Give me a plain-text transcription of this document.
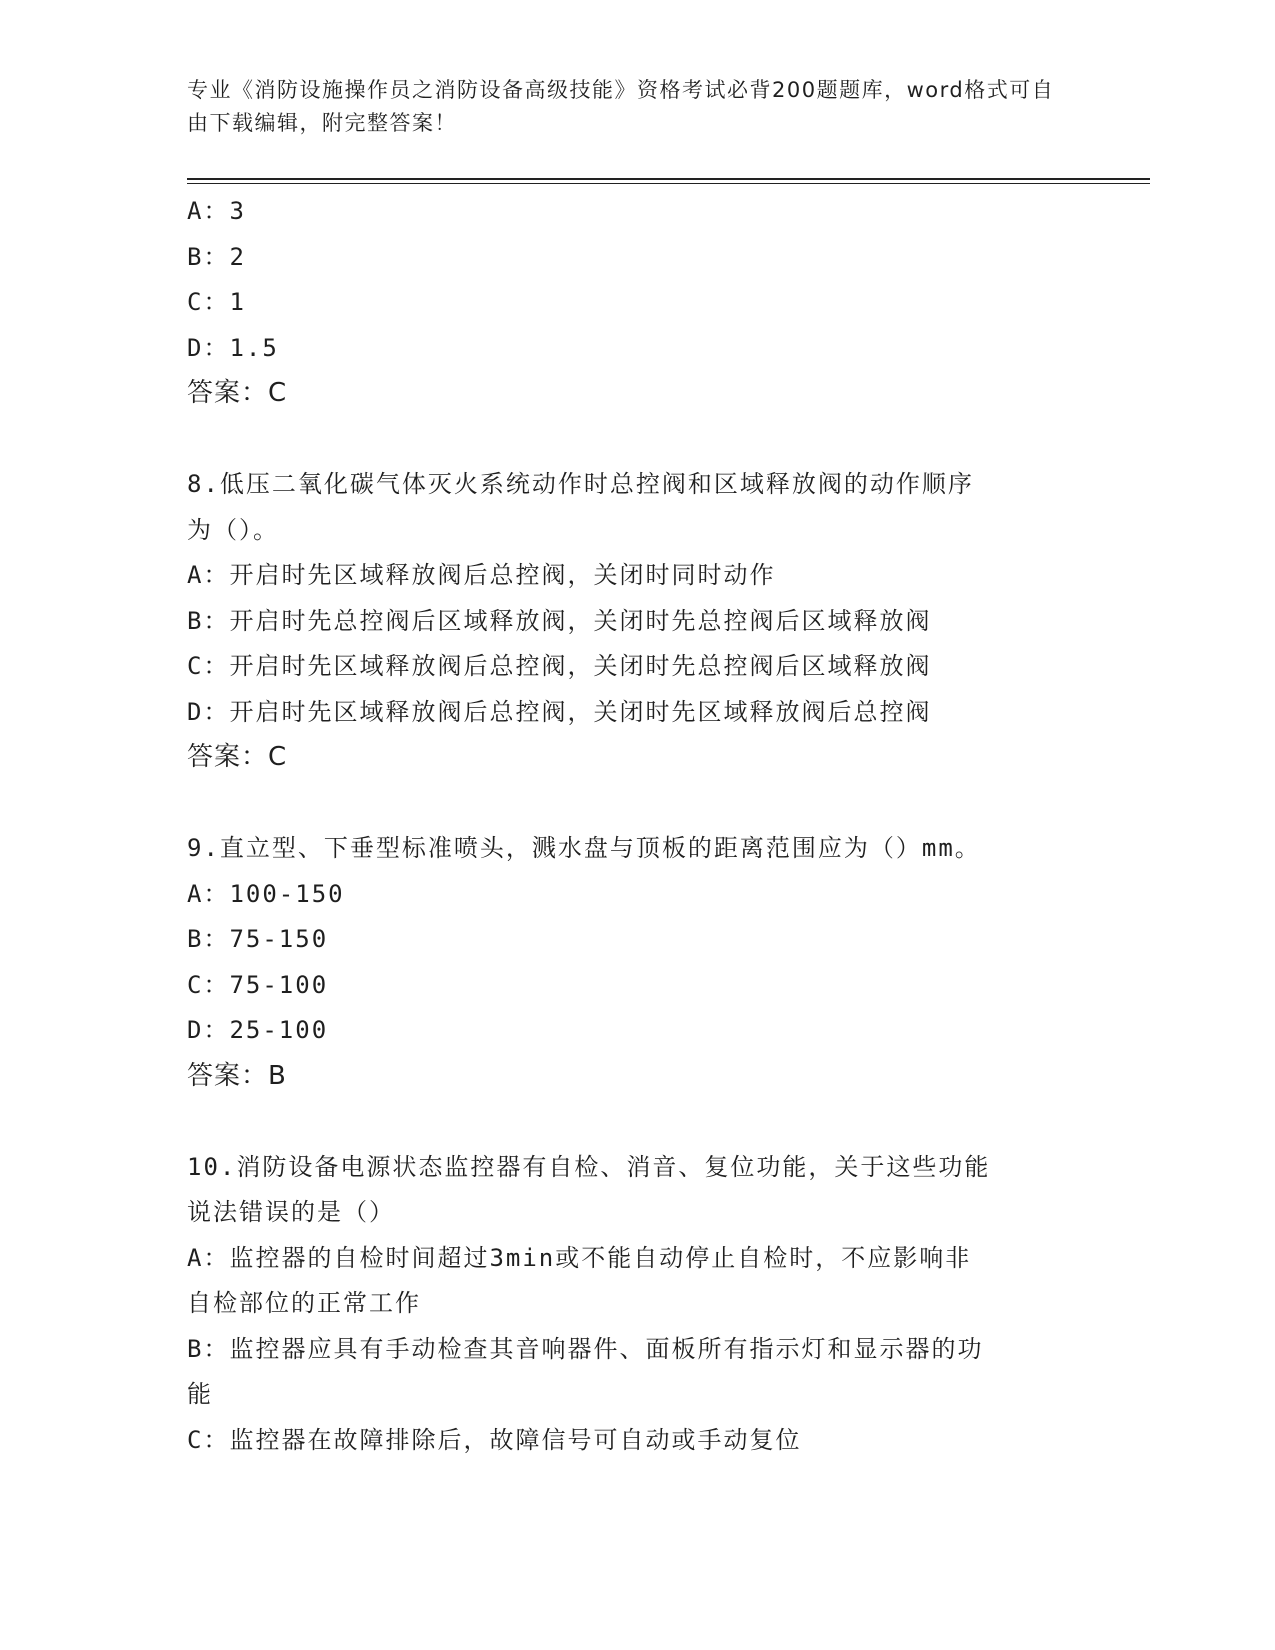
专业《消防设施操作员之消防设备高级技能》资格考试必背200题题库，word格式可自由下载编辑，附完整答案！
A：3
B：2
C：1
D：1.5
答案：C
8.低压二氧化碳气体灭火系统动作时总控阀和区域释放阀的动作顺序
为（）。
A：开启时先区域释放阀后总控阀，关闭时同时动作
B：开启时先总控阀后区域释放阀，关闭时先总控阀后区域释放阀
C：开启时先区域释放阀后总控阀，关闭时先总控阀后区域释放阀
D：开启时先区域释放阀后总控阀，关闭时先区域释放阀后总控阀
答案：C
9.直立型、下垂型标准喷头，溅水盘与顶板的距离范围应为（）mm。
A：100-150
B：75-150
C：75-100
D：25-100
答案：B
10.消防设备电源状态监控器有自检、消音、复位功能，关于这些功能
说法错误的是（）
A：监控器的自检时间超过3min或不能自动停止自检时，不应影响非
自检部位的正常工作
B：监控器应具有手动检查其音响器件、面板所有指示灯和显示器的功
能
C：监控器在故障排除后，故障信号可自动或手动复位
